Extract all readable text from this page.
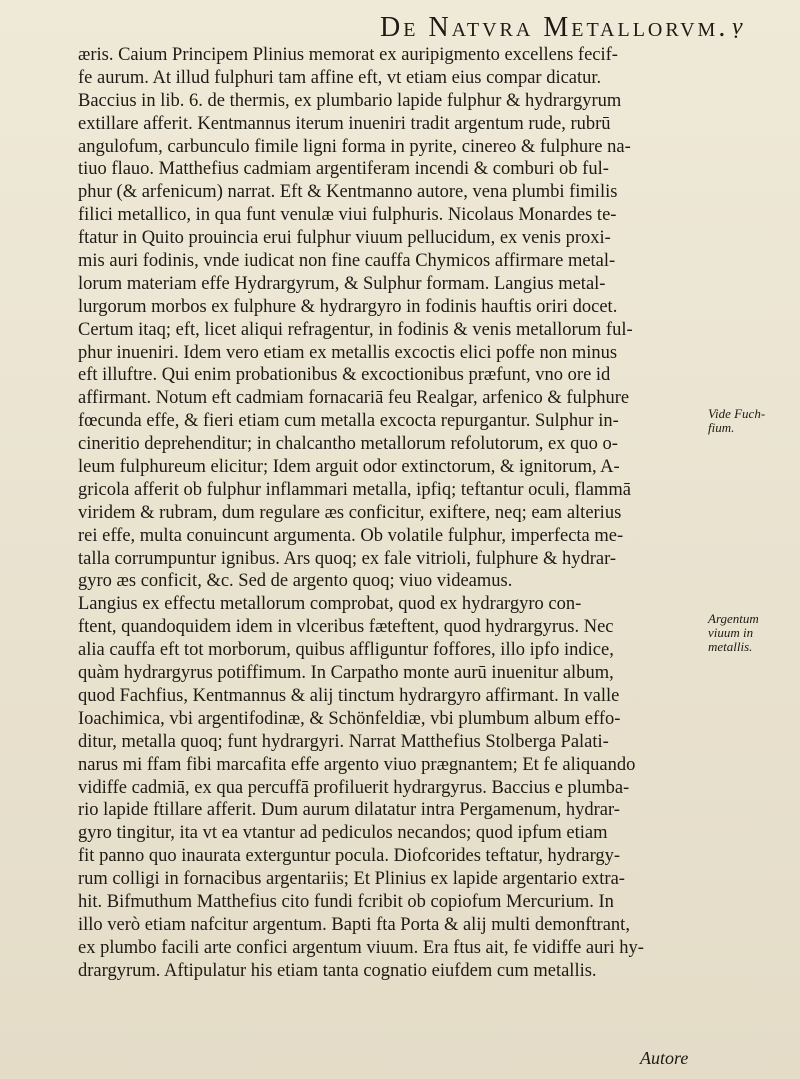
De Natvra Metallorvm. ṿ
æris. Caium Principem Plinius memorat ex auripigmento excellens fecif-
fe aurum. At illud fulphuri tam affine eft, vt etiam eius compar dicatur.
Baccius in lib. 6. de thermis, ex plumbario lapide fulphur & hydrargyrum
extillare afferit. Kentmannus iterum inueniri tradit argentum rude, rubrū
angulofum, carbunculo fimile ligni forma in pyrite, cinereo & fulphure na-
tiuo flauo. Matthefius cadmiam argentiferam incendi & comburi ob ful-
phur (& arfenicum) narrat. Eft & Kentmanno autore, vena plumbi fimilis
filici metallico, in qua funt venulæ viui fulphuris. Nicolaus Monardes te-
ftatur in Quito prouincia erui fulphur viuum pellucidum, ex venis proxi-
mis auri fodinis, vnde iudicat non fine cauffa Chymicos affirmare metal-
lorum materiam effe Hydrargyrum, & Sulphur formam. Langius metal-
lurgorum morbos ex fulphure & hydrargyro in fodinis hauftis oriri docet.
Certum itaq; eft, licet aliqui refragentur, in fodinis & venis metallorum ful-
phur inueniri. Idem vero etiam ex metallis excoctis elici poffe non minus
eft illuftre. Qui enim probationibus & excoctionibus præfunt, vno ore id
affirmant. Notum eft cadmiam fornacariā feu Realgar, arfenico & fulphure
fœcunda effe, & fieri etiam cum metalla excocta repurgantur. Sulphur in-
cineritio deprehenditur; in chalcantho metallorum refolutorum, ex quo o-
leum fulphureum elicitur; Idem arguit odor extinctorum, & ignitorum, A-
gricola afferit ob fulphur inflammari metalla, ipfiq; teftantur oculi, flammā
viridem & rubram, dum regulare æs conficitur, exiftere, neq; eam alterius
rei effe, multa conuincunt argumenta. Ob volatile fulphur, imperfecta me-
talla corrumpuntur ignibus. Ars quoq; ex fale vitrioli, fulphure & hydrar-
gyro æs conficit, &c. Sed de argento quoq; viuo videamus.
Langius ex effectu metallorum comprobat, quod ex hydrargyro con-
ftent, quandoquidem idem in vlceribus fæteftent, quod hydrargyrus. Nec
alia cauffa eft tot morborum, quibus affliguntur foffores, illo ipfo indice,
quàm hydrargyrus potiffimum. In Carpatho monte aurū inuenitur album,
quod Fachfius, Kentmannus & alij tinctum hydrargyro affirmant. In valle
Ioachimica, vbi argentifodinæ, & Schönfeldiæ, vbi plumbum album effo-
ditur, metalla quoq; funt hydrargyri. Narrat Matthefius Stolberga Palati-
narus mi ffam fibi marcafita effe argento viuo prægnantem; Et fe aliquando
vidiffe cadmiā, ex qua percuffā profiluerit hydrargyrus. Baccius e plumba-
rio lapide ftillare afferit. Dum aurum dilatatur intra Pergamenum, hydrar-
gyro tingitur, ita vt ea vtantur ad pediculos necandos; quod ipfum etiam
fit panno quo inaurata exterguntur pocula. Diofcorides teftatur, hydrargy-
rum colligi in fornacibus argentariis; Et Plinius ex lapide argentario extra-
hit. Bifmuthum Matthefius cito fundi fcribit ob copiofum Mercurium. In
illo verò etiam nafcitur argentum. Bapti fta Porta & alij multi demonftrant,
ex plumbo facili arte confici argentum viuum. Era ftus ait, fe vidiffe auri hy-
drargyrum. Aftipulatur his etiam tanta cognatio eiufdem cum metallis.
Vide Fuch-
fium.
Argentum
viuum in
metallis.
Autore
